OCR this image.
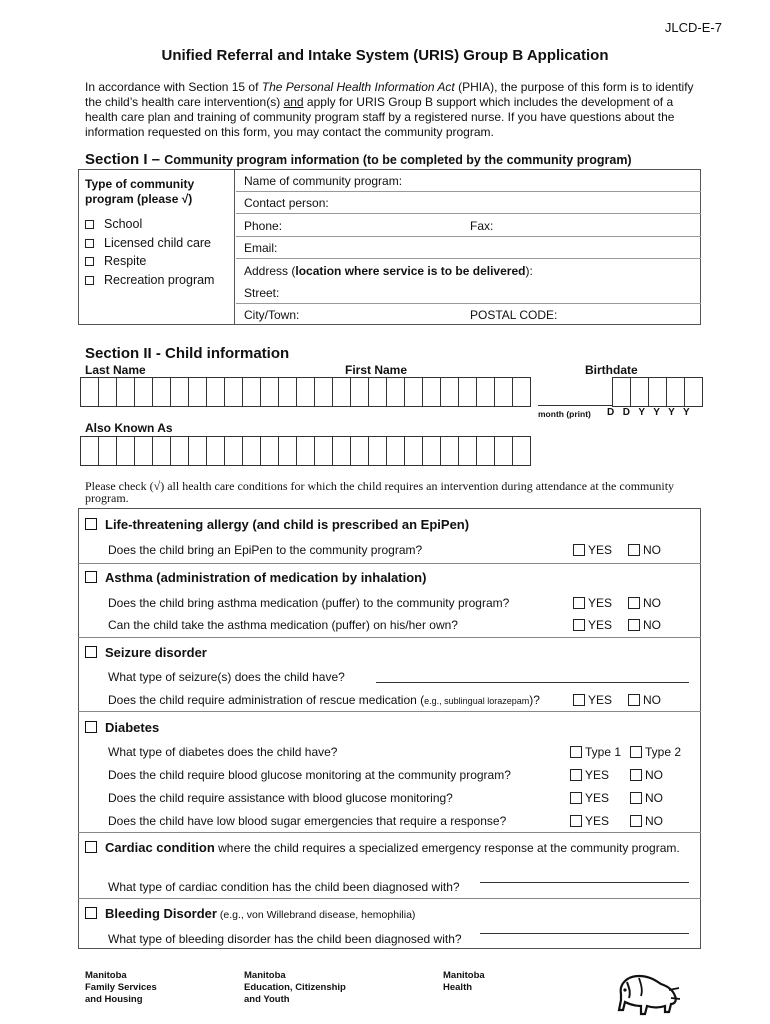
JLCD-E-7
Unified Referral and Intake System (URIS) Group B Application
In accordance with Section 15 of The Personal Health Information Act (PHIA), the purpose of this form is to identify the child’s health care intervention(s) and apply for URIS Group B support which includes the development of a health care plan and training of community program staff by a registered nurse. If you have questions about the information requested on this form, you may contact the community program.
Section I – Community program information (to be completed by the community program)
Type of community program (please √)
School
Licensed child care
Respite
Recreation program
Name of community program:
Contact person:
Phone:	Fax:
Email:
Address (location where service is to be delivered):
Street:
City/Town:	POSTAL CODE:
Section II - Child information
Last Name	First Name	Birthdate

month (print) D  D  Y  Y  Y  Y
Also Known As

Please check (√) all health care conditions for which the child requires an intervention during attendance at the community program.
Life-threatening allergy (and child is prescribed an EpiPen)
Does the child bring an EpiPen to the community program?	YES	NO
Asthma (administration of medication by inhalation)
Does the child bring asthma medication (puffer) to the community program?	YES	NO
Can the child take the asthma medication (puffer) on his/her own?	YES	NO
Seizure disorder
What type of seizure(s) does the child have?
Does the child require administration of rescue medication (e.g., sublingual lorazepam)?	YES	NO
Diabetes
What type of diabetes does the child have?	Type 1	Type 2
Does the child require blood glucose monitoring at the community program?	YES	NO
Does the child require assistance with blood glucose monitoring?	YES	NO
Does the child have low blood sugar emergencies that require a response?	YES	NO
Cardiac condition where the child requires a specialized emergency response at the community program.
What type of cardiac condition has the child been diagnosed with?
Bleeding Disorder (e.g., von Willebrand disease, hemophilia)
What type of bleeding disorder has the child been diagnosed with?
Manitoba
Family Services
and Housing
Manitoba
Education, Citizenship
and Youth
Manitoba
Health
